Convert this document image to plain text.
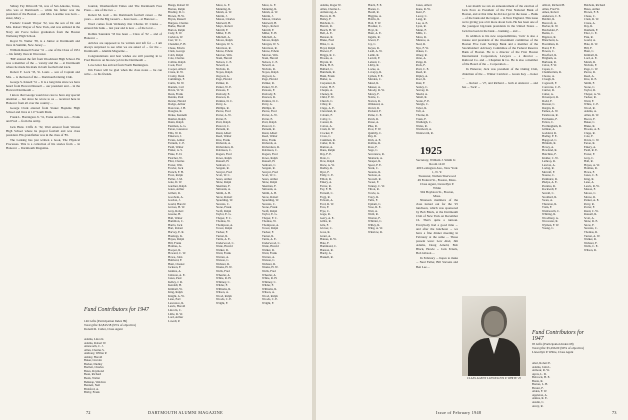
Sidney Fay Dilworth '32, was of San Antonio, Texas, who was at Dartmouth ... while his father was the president of the Boston ... and Mrs. Laramie was born ... sister, Mary ...

Frederic Cassell Thayer '32, was the son of Dr. and Mrs. Robert Thayer of New York, and was enlisted in the Navy Air Force before graduation from the Boston Wellesley High School.

Royal W. Weiler '38, is a Junior at Dartmouth and lives in Summit, New Jersey ...

William Russell Foster '31 ... one of the Class of 1931 ... his family lives in Worcester.

'Bill' entered the fall from Woodmont High School. He was a member of the ... varsity and the ... at Dartmouth where he made his mark in both football and track.

Robert F. Lock '33, St. Louis ... son of Captain and Mrs. ... is the head of the ... Dartmouth Outing Club.

George S. Kissell '31 ... It is a long time since we have heard from Howard Russell ... our president and ... in the Harvard Dartmouth ...

I know that George would not care to have any special attention ... but since he wrote to us ... received here in Hanover from all over the country ...

George Clark entered from Stoker Hopkins High School and lives at 117 South Main.

Frank L. Harrington Jr. '31, Frank and his son ... Frank and Fred ... from the Army.

Jack Hunt. Cliffs Jr. '32, Watt entered from Weston High School where he played football and was class president. His grandfather was in the class of '85.

The Larking has just written a book, The Physical Processes. This is a collection of his stories from ... in Hanover ... Dartmouth Magazine.

Journal, Weathersfield Times and The Dartmouth Free Press ... one of the two ...

Robert M. Gail ... his Dartmouth football career ... the years ... and the Big Green's ... have been ... at Hanover ...

Word comes from Wellesley that Charles W. Clarke ... entered his bank ... last year and is now ... of the local ...

Rollins Saunders '33 has been ... Class of '32 ... and of Hanover ...

Articles are supposed to be written and left for ... I am always surprised to see what we are asked of ... for the ... Dartmouth ... Alumni Magazine ...

Congratulations and best wishes are still pouring in to Fred Morrow on his new job in the Dartmouth ...

Love letter has arrived from North Bennington.

Jim Foster will be glad when the class notes ... he can write ... to his friends.

Fund Contributors for 1947
146 Gifts (Participation Index 89)
Total gifts: $2,843.58 (93% of objective)
Donald R. Cutler, Class Agent
Adams, Lincoln
Adams, Robert W.
Ainsworth, C. J.
Allen, Charles S.
Anthony, Wilbur P.
Ashley, Harold
Baker, Lincoln
Barker, Dudley
Bartlett, Charles
Bates, Raymond
Bean, Richard
Beals, Walter
Belknap, Waldron
Bennett, Neil
Bickford, A.
Bixby, Frank
Bangs, Robert W.
Barnes, Ralph
Bradley, D. C.
Brown, H. W.
Bryan, Russell
Burgess, Charles
Burke, Harold
Burton, Ralph
Cady, E. W.
Carleton, W.
Carr, W. C.
Chandler, F. H.
Chase, Edwin
Clark, George
Cobb, Ralph
Cole, Charles
Collins, Ralph
Cook, Fred
Cooper, Albert
Crane, R. W.
Crosby, Dean
Cummings, F.
Curtis, M. W.
Daniels, Carl
Davis, W. W.
Dean, Frank
Dennis, Paul
Dexter, Harold
Dodge, Arthur
Donovan, J. H.
Douglas, R.
Drake, Kenneth
Dunbar, Ralph
Dunn, Ralph
Eastman, A. G.
Eaton, Laurence
Ellis, W. R.
Emerson, J.
Evans, Arthur
Farnum, C. E.
Field, Walter
Fisher, A. S.
Fiske, E. D.
Fletcher, W.
Flint, Charles
Foster, Wm.
Fowler, Jack
French, F. H.
Frost, Ralph
Fuller, J. M.
Gale, D. W.
Gardner, Ralph
Gates, Arthur
Gilbert, R.
Goodwin, A.
Gordon, J.
Gould, Harold
Graves, H. W.
Gray, Robert
Greene, H.
Hall, Walter
Hamilton, C.
Harris, Jack
Hart, Robert
Harvey, E. R.
Hastings, K.
Hayes, Ralph
Hill, Frank
Holmes, A.
Hooper, R.
Howard, C. W.
Howe, John
Hubbard, F.
Hunt, Chester
Jackson, F.
Jenkins, A.
Johnson, A. E.
Jones, Paul
Kelley, J. R.
Kendall, H.
Kimball, W.
King, Ralph
Knight, A. W.
Lane, Earl
Lawrence, R.
Lewis, Harold
Lincoln, C.
Little, R. W.
Lord, Arthur
Lowell, P.
Mace, G. F.
Manning, R.
Marsh, A. W.
Martin, J.
Mason, Charles
Maxwell, H.
Mayo, Robert
Merrill, F.
Miller, E. H.
Mitchell, A.
Moore, Ralph
Morgan, W. S.
Morrison, R.
Morse, Edwin
Morton, Wm.
Nash, Harold
Nelson, C. E.
Newell, A.
Nichols, R.
Noyes, Ralph
Osgood, A.
Page, Harold
Palmer, R.
Parker, W. E.
Parsons, F.
Peabody, E.
Pearson, R.
Perkins, D. C.
Perry, A.
Phillips, R.
Pierce, Fred
Porter, A. W.
Potter, E.
Pratt, Ralph
Prescott, C.
Putnam, R.
Rand, Albert
Reed, Walter
Rice, Frank
Richards, A.
Richardson, R.
Robinson, C.
Rogers, Fred
Rowe, Ralph
Russell, H.
Sanborn, C.
Sargent, R.
Sawyer, Fred
Scott, W. C.
Sears, Arthur
Shaw, Ralph
Sherman, F.
Simonds, A.
Smith, A. B.
Snow, Robert
Spaulding, W.
Stevens, C.
Stone, Frank
Swift, Ralph
Taylor, E. G.
Thayer, F. C.
Thomas, W.
Thompson, A.
Tower, Ralph
Tucker, F.
Turner, R.
Tuttle, A. E.
Underwood, C.
Wade, Harold
Walker, R.
Ward, Frank
Warren, A.
Watson, C.
Webster, R.
Weeks, H. W.
Wells, Fred
Wheeler, A.
White, R. H.
Whitney, C.
Wilder, F.
Williams, R.
Wilson, A.
Wood, Ralph
Woods, C. E.
Wright, F.
Mace, G. F.
Manning, R.
Marsh, A. W.
Martin, J.
Mason, Charles
Maxwell, H.
Mayo, Robert
Merrill, F.
Miller, E. H.
Mitchell, A.
Moore, Ralph
Morgan, W. S.
Morrison, R.
Morse, Edwin
Morton, Wm.
Nash, Harold
Nelson, C. E.
Newell, A.
Nichols, R.
Noyes, Ralph
Osgood, A.
Page, Harold
Palmer, R.
Parker, W. E.
Parsons, F.
Peabody, E.
Pearson, R.
Perkins, D. C.
Perry, A.
Phillips, R.
Pierce, Fred
Porter, A. W.
Potter, E.
Pratt, Ralph
Prescott, C.
Putnam, R.
Rand, Albert
Reed, Walter
Rice, Frank
Richards, A.
Richardson, R.
Robinson, C.
Rogers, Fred
Rowe, Ralph
Russell, H.
Sanborn, C.
Sargent, R.
Sawyer, Fred
Scott, W. C.
Sears, Arthur
Shaw, Ralph
Sherman, F.
Simonds, A.
Smith, A. B.
Snow, Robert
Spaulding, W.
Stevens, C.
Stone, Frank
Swift, Ralph
Taylor, E. G.
Thayer, F. C.
Thomas, W.
Thompson, A.
Tower, Ralph
Tucker, F.
Turner, R.
Tuttle, A. E.
Underwood, C.
Wade, Harold
Walker, R.
Ward, Frank
Warren, A.
Watson, C.
Webster, R.
Weeks, H. W.
Wells, Fred
Wheeler, A.
White, R. H.
Whitney, C.
Wilder, F.
Williams, R.
Wilson, A.
Wood, Ralph
Woods, C. E.
Wright, F.
72	DARTMOUTH ALUMNI MAGAZINE
Adams, Roger W.
Allen, Charles L.
Armstrong, A.
Bacon, R. H.
Bailey, F.
Baldwin, C.
Barrett, R.
Beach, H. W.
Bell, A. E.
Benson, R.
Blake, Fred
Bliss, C. A.
Boyd, Ralph
Brewer, F.
Briggs, R. C.
Brooks, A.
Bryant, R.
Buck, H. E.
Bullard, C.
Burnham, R.
Bush, Frank
Butler, A.
Carpenter, R.
Carter, H. F.
Chapin, A.
Cheney, R.
Child, F. W.
Church, C.
Cilley, R.
Clapp, A. E.
Cleveland, R.
Coburn, F.
Colby, C.
Conant, R.
Cotton, A.
Cram, R. W.
Crocker, F.
Cross, C.
Cushman, R.
Cutler, D. R.
Damon, A.
Dana, Ralph
Day, F. E.
Dole, C.
Dow, Ralph
Drew, A. W.
Dudley, R.
Dyer, F.
Eddy, C. E.
Elliott, R.
Emery, A.
Farrar, R.
Fay, F. H.
Fernald, C.
Fogg, R.
Folsom, A.
Ford, R. W.
Foss, F.
Frye, C.
Gage, R.
Gerry, A. E.
Gibbs, R.
Gile, F.
Glover, C.
Goss, R.
Grant, A.
Haines, R. W.
Hale, F.
Hammond, C.
Hanson, R.
Hardy, A.
Haskell, R.
Hatch, F. E.
Hazen, C.
Heald, R.
Higgins, A.
Hobbs, R.
Holt, F. W.
Hosmer, C.
Hoyt, R.
Hunt, A. E.
Ingalls, R.
Jewett, F.
Joy, C.
Keyes, R.
Ladd, A. W.
Lamb, R.
Leavitt, F.
Leland, C.
Libby, R.
Locke, A.
Lovejoy, R.
Lyman, F. E.
Marden, C.
Mead, R.
Messer, A.
Moody, R. W.
Morey, F.
Noble, C.
Norton, R.
Olmstead, A.
Orcutt, R.
Packard, F.
Paine, C. E.
Patch, R.
Pease, A.
Pike, R.
Poor, F. W.
Quimby, C.
Ray, R.
Rich, A. E.
Rollins, R.
Ross, F.
Sage, C.
Severance, R.
Shattuck, A.
Sleeper, R.
Spear, F. E.
Stark, C.
Stearns, R.
Stetson, A.
Stowell, R.
Sweet, F.
Tenney, C. W.
Tilton, R.
Towle, A.
Tracy, R.
Tufts, F.
Upham, C.
Vose, R. E.
Wait, A.
Weld, R.
Weston, F.
Whittier, C.
Willey, R.
Wing, A. W.
Winslow, R.
Jones, Albert
Kane, R. W.
Kent, F.
Lacey, C.
Lang, R.
Lee, A. E.
Lyon, R.
Mann, F.
Mills, C.
Moss, R.
Munroe, A.
Neal, R.
Nye, F. W.
Oakes, C.
Olney, R.
Orne, A.
Paige, R.
Peck, F.
Pratt, C. E.
Reed, R.
Ripley, A.
Root, R.
Rust, F.
Sealey, C.
Seavey, R.
Shedd, A.
Small, R.
Soule, F. E.
Sturgis, C.
Tabor, R.
Taft, A.
Thorne, R.
Trask, F.
Wadleigh, C.
Wales, R.
Wardwell, A.
Wentworth, R.

1925

Secretary, William J. Smith Jr.
Room 1410
400 Lexington Ave., New York 1, N. Y.
Treasurer, Nathan Sherwood
49 Federal St., Boston, Mass.
Class Agent, Llewellyn P. White
304 Boylston St., Boston, Mass.

Nineteen members of the class turned out for the '25 luncheon, which was sponsored by Bob Black, at the Dartmouth Club of New York on December 16. That's quite a turnout. Everybody had a good time ... and after the luncheon ... we have a fine dinner meeting in February at the same ... Those present were: Lew Abel, Jim Adams, Doug Arnold, Bob Black, Howie ... Jack Eckels, Bob Gibson ...

In February ... hopes to make ... Neal Fuller, Bill Stevens and Ben Lee ...

Last month we ran an announcement of the election of Jack Pove as President of the First National Bank of Boston, and at that time he did not get in the issue ... Bank ... of the bank and the largest ... in New England. This issue we're giving you a bit more about Jack. He has been one of the youngest big-bank presidents in the United States ... Jack has been in the bank ... banking ... and ...

In addition to his new responsibilities, 'Jack' is also a trustee and president of the investment committee of the Boston Five Cent Savings Bank and a member of the Stockholders' Advisory Committee of the Federal Reserve Bank of Boston. He is a director of the First Boston International Corporation, Lawyers ... a director ... Railroad Co. and ... Chapman & Co. He is also a member of the Board of the ... Corporation ...

In Hanover, Jack was president of the Outing Club, chairman of the ... Winter Carnival ... Green Key ... honor ...

... Robert ... '27, and Richard ... both at Andover ... and has ... 'Jack' ...

CLASS AGENT LLEWELLYN P. WHITE '25
Fund Contributors for 1947
95 Gifts (Participation Index 68)
Total gifts: $5,296.00 (99% of objective)
Llewellyn P. White, Class Agent
Abel, Robert E.
Adams, John L.
Armour, R. W.
Ayers, L. D.
Babcock, H. E.
Banta, R.
Barnes, L. H.
Baxter, F.
Alden, F. W.
Appleton, A.
Atkins, R. E.
Austin, C.
Avery, R.
Abbott, Richard H.
Allen, Fred W.
Ames, Robert
Anderson, C. E.
Babbitt, R.
Bancroft, A.
Barber, R. W.
Batchelder, F.
Bemis, C.
Bigelow, R.
Blanchard, A.
Boardman, R.
Bond, F. E.
Bowen, C.
Bradford, R.
Brigham, A.
Burbank, R.
Cabot, F. W.
Capen, C.
Chamberlain, R.
Choate, A.
Clough, R.
Cogswell, F.
Converse, C. E.
Currier, R.
Cutter, A.
Davenport, R.
Dodd, F.
Dresser, C.
Durgin, R.
Eames, A. W.
Estabrook, R.
Fairbanks, F.
Felton, C.
Frothingham, R.
Gilman, A.
Goddard, R.
Hadley, F. E.
Hapgood, C.
Hildreth, R.
Hovey, A.
Howland, R.
Hutchins, F.
Kidder, C. W.
Lathrop, R.
Lawton, A.
Loring, R.
Metcalf, F.
Nourse, C.
Parkhurst, R.
Phelps, A. E.
Prentiss, R.
Rockwell, F.
Sewall, C.
Stoddard, R.
Swan, A.
Thurston, R.
Train, F.
Wadsworth, C.
Whiting, R.
Woodbury, A.
Worcester, R.
Wyman, F. W.
Young, C.
Baldwin, Richard
Bates, Arthur
Brown, F. E.
Chase, C.
Clark, R. W.
Crane, A.
Day, R.
Dunham, F.
Eliot, C. E.
Fisk, R.
Gould, A.
Hale, R. W.
Hill, F.
Hunt, C.
Kimball, R.
Lord, A. E.
Marsh, R.
Nichols, F.
Page, C. W.
Pierce, R.
Reed, A.
Rice, R. E.
Smith, F.
Stone, C.
Taylor, R.
Thayer, A. W.
Tucker, R.
Ward, F.
White, C. E.
Wood, R.
Adams, A.
Allen, R. W.
Bacon, F.
Baker, C.
Blake, R.
Brooks, A. E.
Clapp, R.
Cole, F.
Davis, C. W.
Eaton, R.
Emery, A.
Field, R. E.
Foster, F.
Gray, C.
Hall, R.
Hayes, A. W.
Holmes, R.
Howe, F.
Jones, C. E.
King, R.
Lane, A.
Lewis, R. W.
Mason, F.
Moore, C.
Morse, R.
Parker, A. E.
Perry, R.
Porter, F.
Rand, C. W.
Russell, R.
Scott, A.
Shaw, R. E.
Snow, F.
Stevens, C.
Thomas, R.
Turner, A. W.
Walker, R.
Webster, F.
Wells, C. E.
Wilson, R.
Issue of February 1948	73
